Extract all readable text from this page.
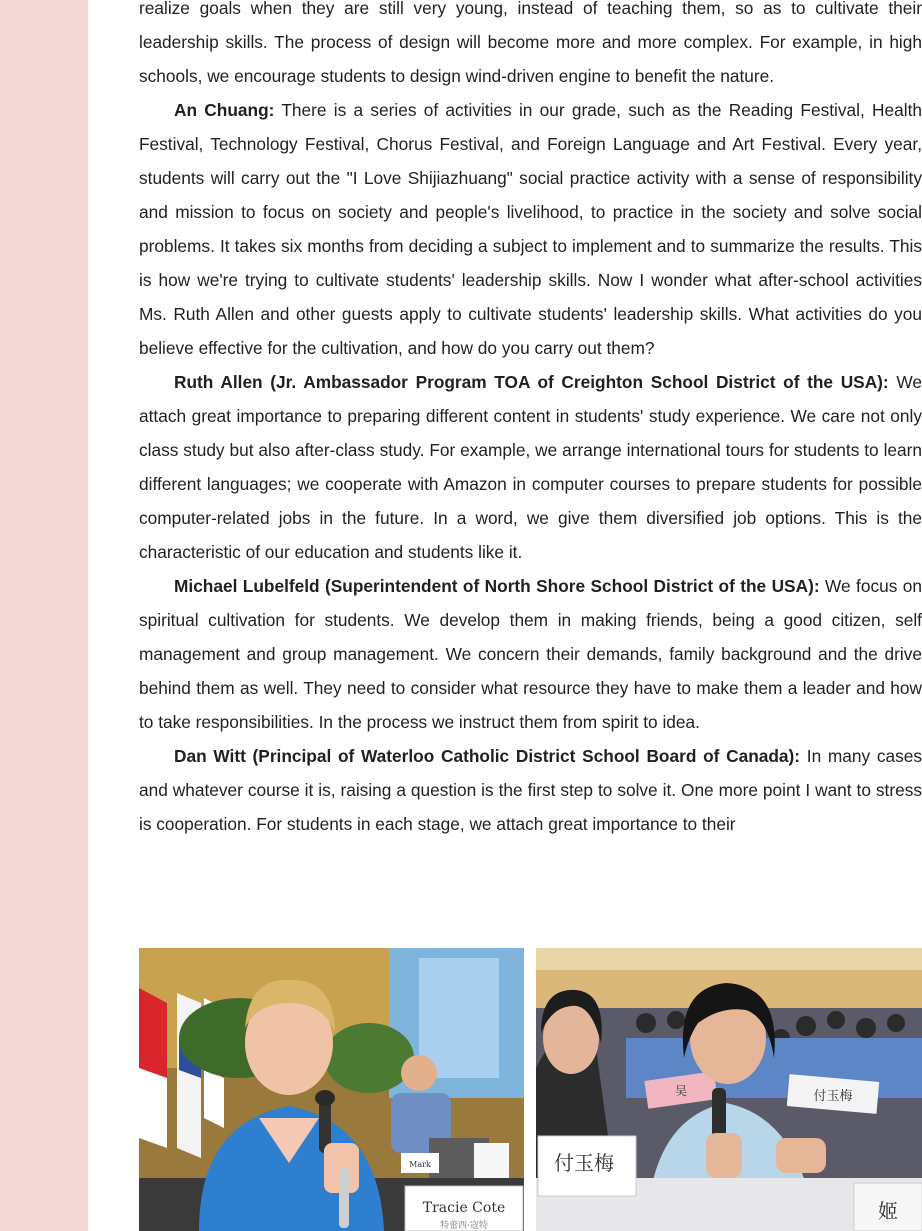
realize goals when they are still very young, instead of teaching them, so as to cultivate their leadership skills. The process of design will become more and more complex. For example, in high schools, we encourage students to design wind-driven engine to benefit the nature.

An Chuang: There is a series of activities in our grade, such as the Reading Festival, Health Festival, Technology Festival, Chorus Festival, and Foreign Language and Art Festival. Every year, students will carry out the "I Love Shijiazhuang" social practice activity with a sense of responsibility and mission to focus on society and people's livelihood, to practice in the society and solve social problems. It takes six months from deciding a subject to implement and to summarize the results. This is how we're trying to cultivate students' leadership skills. Now I wonder what after-school activities Ms. Ruth Allen and other guests apply to cultivate students' leadership skills. What activities do you believe effective for the cultivation, and how do you carry out them?

Ruth Allen (Jr. Ambassador Program TOA of Creighton School District of the USA): We attach great importance to preparing different content in students' study experience. We care not only class study but also after-class study. For example, we arrange international tours for students to learn different languages; we cooperate with Amazon in computer courses to prepare students for possible computer-related jobs in the future. In a word, we give them diversified job options. This is the characteristic of our education and students like it.

Michael Lubelfeld (Superintendent of North Shore School District of the USA): We focus on spiritual cultivation for students. We develop them in making friends, being a good citizen, self management and group management. We concern their demands, family background and the drive behind them as well. They need to consider what resource they have to make them a leader and how to take responsibilities. In the process we instruct them from spirit to idea.

Dan Witt (Principal of Waterloo Catholic District School Board of Canada): In many cases and whatever course it is, raising a question is the first step to solve it. One more point I want to stress is cooperation. For students in each stage, we attach great importance to their

Tracie Cote
特蕾西·寇特
Mark
吴	付玉梅
付玉梅
姬
